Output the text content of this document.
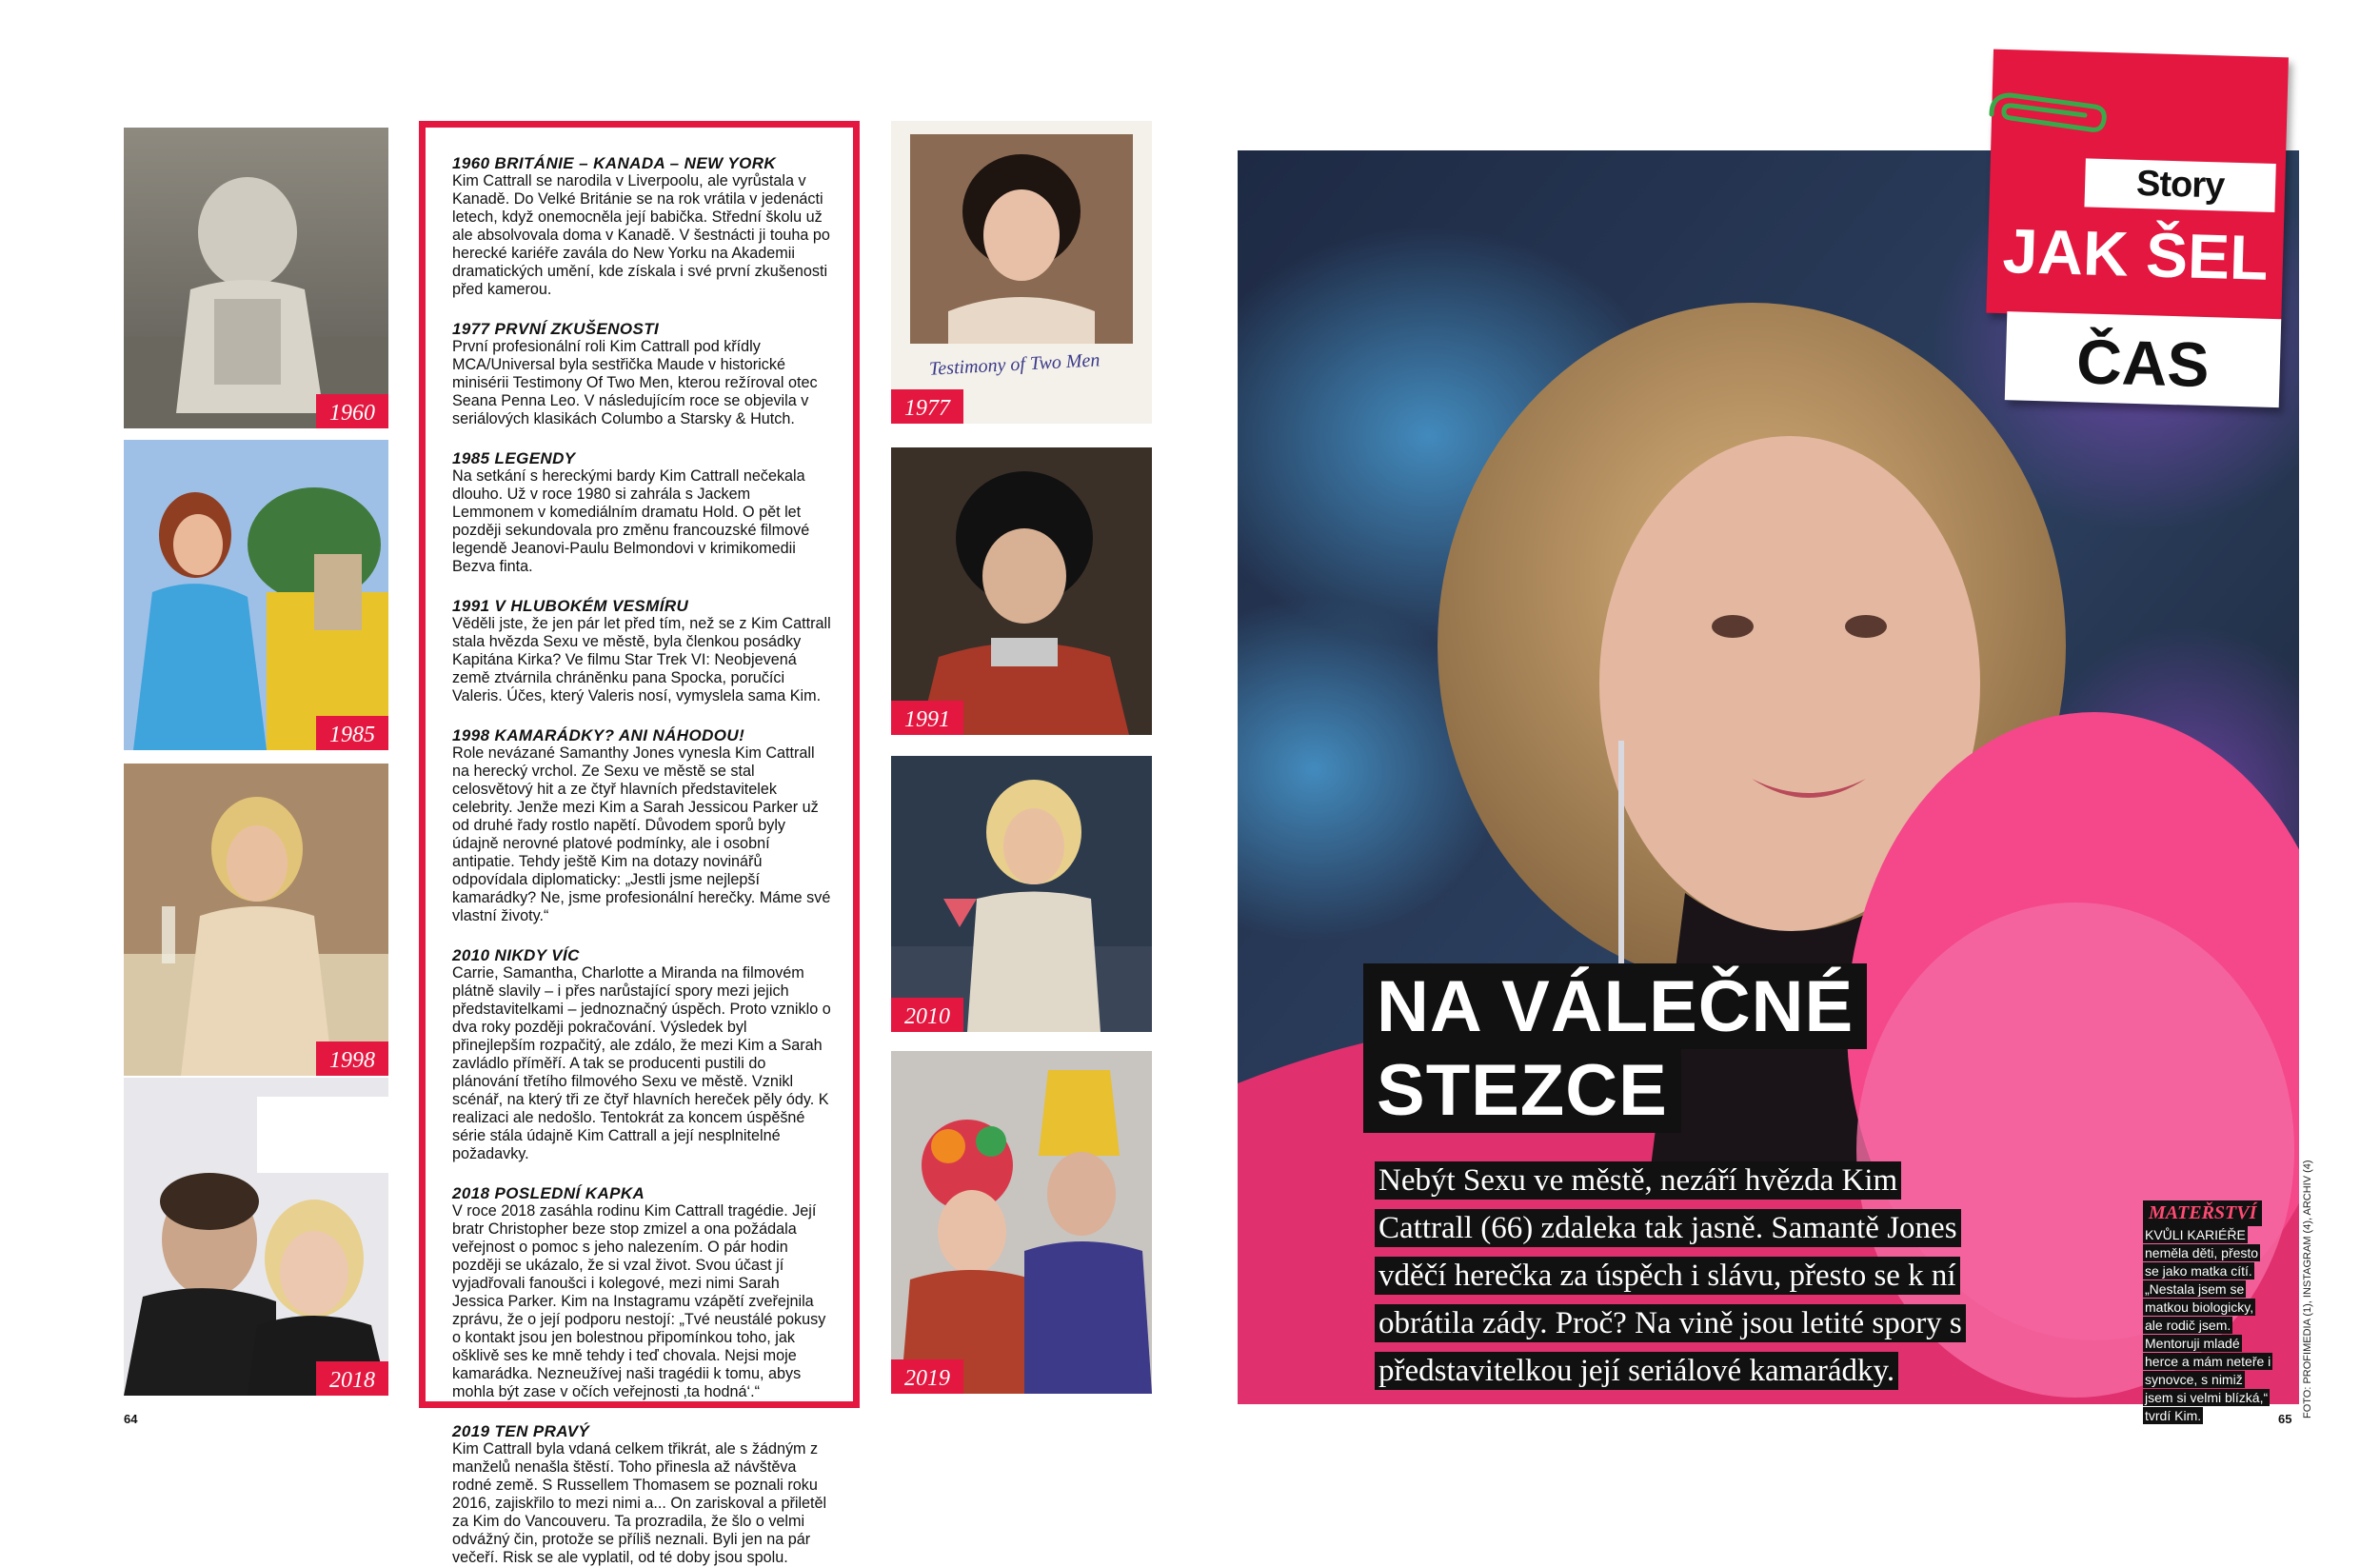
1960
1985
1998
2018
64
1960 BRITÁNIE – KANADA – NEW YORK

Kim Cattrall se narodila v Liverpoolu, ale vyrůstala v Kanadě. Do Velké Británie se na rok vrátila v jedenácti letech, když onemocněla její babička. Střední školu už ale absolvovala doma v Kanadě. V šestnácti ji touha po herecké kariéře zavála do New Yorku na Akademii dramatických umění, kde získala i své první zkušenosti před kamerou.

1977 PRVNÍ ZKUŠENOSTI

První profesionální roli Kim Cattrall pod křídly MCA/Universal byla sestřička Maude v historické minisérii Testimony Of Two Men, kterou režíroval otec Seana Penna Leo. V následujícím roce se objevila v seriálových klasikách Columbo a Starsky & Hutch.

1985 LEGENDY

Na setkání s hereckými bardy Kim Cattrall nečekala dlouho. Už v roce 1980 si zahrála s Jackem Lemmonem v komediálním dramatu Hold. O pět let později sekundovala pro změnu francouzské filmové legendě Jeanovi-Paulu Belmondovi v krimikomedii Bezva finta.

1991 V HLUBOKÉM VESMÍRU

Věděli jste, že jen pár let před tím, než se z Kim Cattrall stala hvězda Sexu ve městě, byla členkou posádky Kapitána Kirka? Ve filmu Star Trek VI: Neobjevená země ztvárnila chráněnku pana Spocka, poručíci Valeris. Účes, který Valeris nosí, vymyslela sama Kim.

1998 KAMARÁDKY? ANI NÁHODOU!

Role nevázané Samanthy Jones vynesla Kim Cattrall na herecký vrchol. Ze Sexu ve městě se stal celosvětový hit a ze čtyř hlavních představitelek celebrity. Jenže mezi Kim a Sarah Jessicou Parker už od druhé řady rostlo napětí. Důvodem sporů byly údajně nerovné platové podmínky, ale i osobní antipatie. Tehdy ještě Kim na dotazy novinářů odpovídala diplomaticky: „Jestli jsme nejlepší kamarádky? Ne, jsme profesionální herečky. Máme své vlastní životy.“

2010 NIKDY VÍC

Carrie, Samantha, Charlotte a Miranda na filmovém plátně slavily – i přes narůstající spory mezi jejich představitelkami – jednoznačný úspěch. Proto vzniklo o dva roky později pokračování. Výsledek byl přinejlepším rozpačitý, ale zdálo, že mezi Kim a Sarah zavládlo příměří. A tak se producenti pustili do plánování třetího filmového Sexu ve městě. Vznikl scénář, na který tři ze čtyř hlavních hereček pěly ódy. K realizaci ale nedošlo. Tentokrát za koncem úspěšné série stála údajně Kim Cattrall a její nesplnitelné požadavky.

2018 POSLEDNÍ KAPKA

V roce 2018 zasáhla rodinu Kim Cattrall tragédie. Její bratr Christopher beze stop zmizel a ona požádala veřejnost o pomoc s jeho nalezením. O pár hodin později se ukázalo, že si vzal život. Svou účast jí vyjadřovali fanoušci i kolegové, mezi nimi Sarah Jessica Parker. Kim na Instagramu vzápětí zveřejnila zprávu, že o její podporu nestojí: „Tvé neustálé pokusy o kontakt jsou jen bolestnou připomínkou toho, jak ošklivě ses ke mně tehdy i teď chovala. Nejsi moje kamarádka. Nezneužívej naši tragédii k tomu, abys mohla být zase v očích veřejnosti ‚ta hodná‘.“

2019 TEN PRAVÝ

Kim Cattrall byla vdaná celkem třikrát, ale s žádným z manželů nenašla štěstí. Toho přinesla až návštěva rodné země. S Russellem Thomasem se poznali roku 2016, zajiskřilo to mezi nimi a... On zariskoval a přiletěl za Kim do Vancouveru. Ta prozradila, že šlo o velmi odvážný čin, protože se příliš neznali. Byli jen na pár večeří. Risk se ale vyplatil, od té doby jsou spolu.

Testimony of Two Men
1977
1991
2010
2019
Story
JAK ŠEL
ČAS
NA VÁLEČNÉ
STEZCE
Nebýt Sexu ve městě, nezáří hvězda Kim Cattrall (66) zdaleka tak jasně. Samantě Jones vděčí herečka za úspěch i slávu, přesto se k ní obrátila zády. Proč? Na vině jsou letité spory s představitelkou její seriálové kamarádky.
MATEŘSTVÍ
KVŮLI KARIÉŘE neměla děti, přesto se jako matka cítí. „Nestala jsem se matkou biologicky, ale rodič jsem. Mentoruji mladé herce a mám neteře i synovce, s nimiž jsem si velmi blízká,“ tvrdí Kim.	FOTO: PROFIMEDIA (1), INSTAGRAM (4), ARCHIV (4)
65
